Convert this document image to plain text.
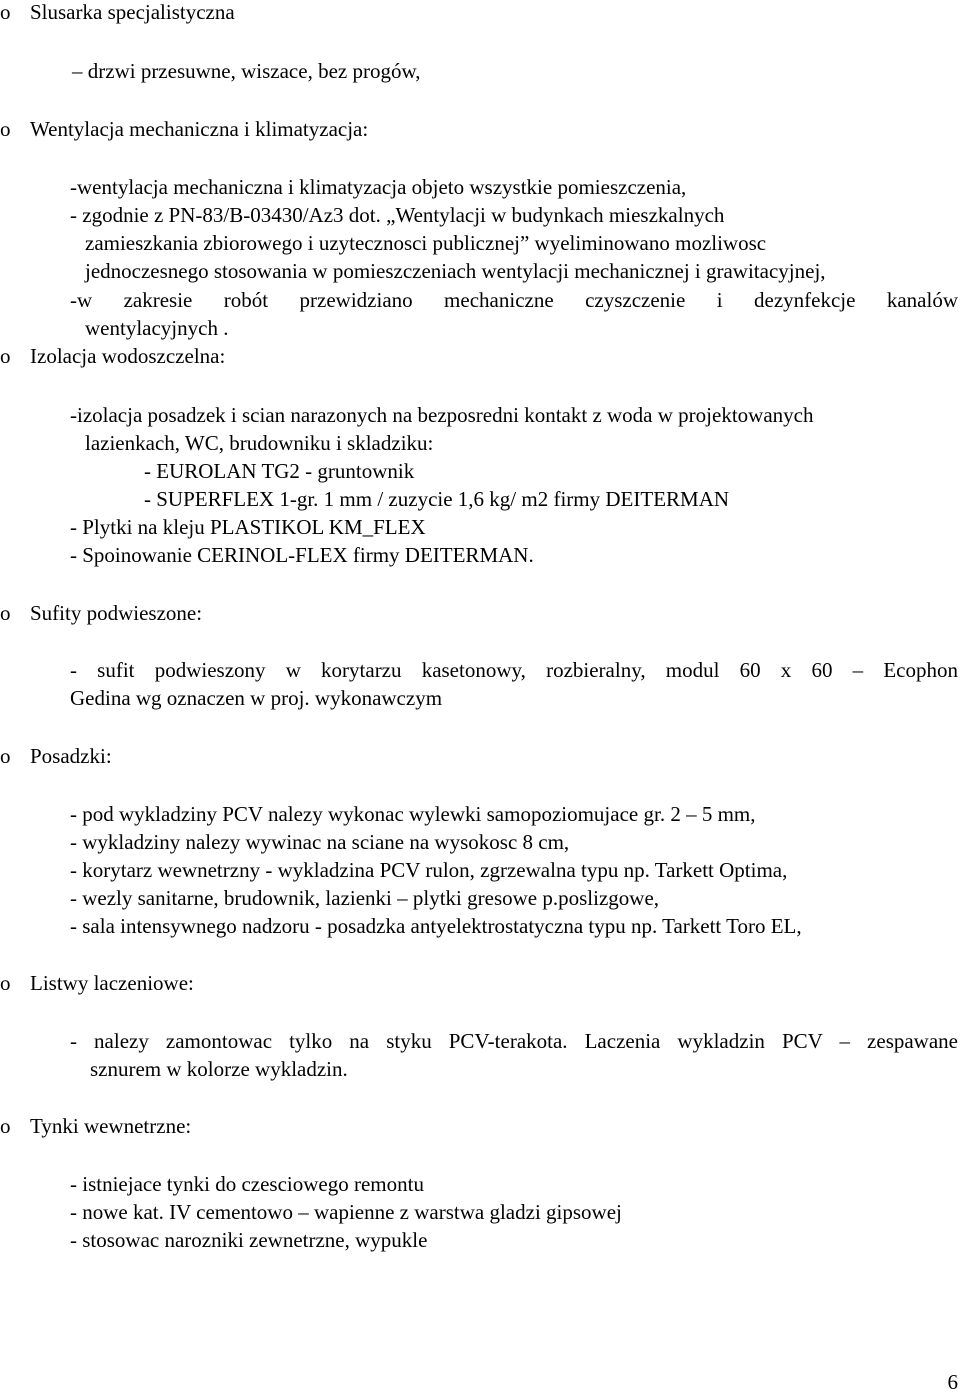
o Slusarka specjalistyczna
– drzwi przesuwne, wiszace, bez progów,
o Wentylacja mechaniczna i klimatyzacja:
-wentylacja mechaniczna i klimatyzacja objeto wszystkie pomieszczenia,
- zgodnie z PN-83/B-03430/Az3 dot. „Wentylacji w budynkach mieszkalnych
zamieszkania zbiorowego i uzytecznosci publicznej” wyeliminowano mozliwosc
jednoczesnego stosowania w pomieszczeniach wentylacji mechanicznej i grawitacyjnej,
-w zakresie robót przewidziano mechaniczne czyszczenie i dezynfekcje kanalów
wentylacyjnych .
o Izolacja wodoszczelna:
-izolacja posadzek i scian narazonych na bezposredni kontakt z woda w projektowanych
lazienkach, WC, brudowniku i skladziku:
- EUROLAN TG2 - gruntownik
- SUPERFLEX 1-gr. 1 mm / zuzycie 1,6 kg/ m2 firmy DEITERMAN
- Plytki na kleju PLASTIKOL KM_FLEX
- Spoinowanie CERINOL-FLEX firmy DEITERMAN.
o Sufity podwieszone:
- sufit podwieszony w korytarzu kasetonowy, rozbieralny, modul 60 x 60 – Ecophon
Gedina wg oznaczen w proj. wykonawczym
o Posadzki:
- pod wykladziny PCV nalezy wykonac wylewki samopoziomujace gr. 2 – 5 mm,
- wykladziny nalezy wywinac na sciane na wysokosc 8 cm,
- korytarz wewnetrzny - wykladzina PCV rulon, zgrzewalna typu np. Tarkett Optima,
- wezly sanitarne, brudownik, lazienki – plytki gresowe p.poslizgowe,
- sala intensywnego nadzoru - posadzka antyelektrostatyczna typu np. Tarkett Toro EL,
o Listwy laczeniowe:
- nalezy zamontowac tylko na styku PCV-terakota. Laczenia wykladzin PCV – zespawane
sznurem w kolorze wykladzin.
o Tynki wewnetrzne:
- istniejace tynki do czesciowego remontu
- nowe kat. IV cementowo – wapienne z warstwa gladzi gipsowej
- stosowac narozniki zewnetrzne, wypukle
6
